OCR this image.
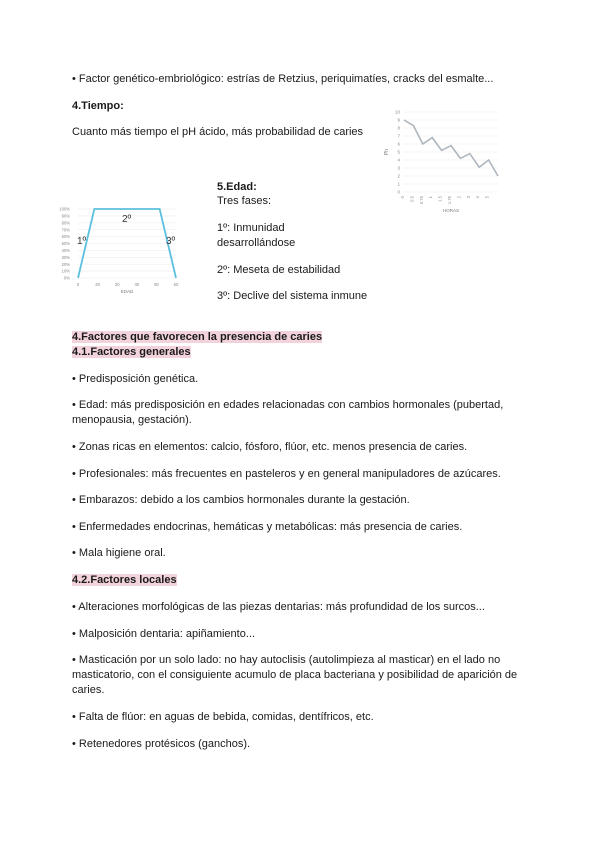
• Factor genético-embriológico: estrías de Retzius, periquimatíes, cracks del esmalte...
4.Tiempo:
Cuanto más tiempo el pH ácido, más probabilidad de caries
0
1
2
3
4
5
6
7
8
9
10
0 0.5 0.75 1 1.5 1.75 2 3 4 5
HORAS
Ph
0%
10%
20%
30%
40%
50%
60%
70%
80%
90%
100%
0	20	30	40	50	60
1º
2º
3º
EDAD
5.Edad:
Tres fases:
1º: Inmunidad
desarrollándose
2º: Meseta de estabilidad
3º: Declive del sistema inmune
4.Factores que favorecen la presencia de caries
4.1.Factores generales
• Predisposición genética.
• Edad: más predisposición en edades relacionadas con cambios hormonales (pubertad, menopausia, gestación).
• Zonas ricas en elementos: calcio, fósforo, flúor, etc. menos presencia de caries.
• Profesionales: más frecuentes en pasteleros y en general manipuladores de azúcares.
• Embarazos: debido a los cambios hormonales durante la gestación.
• Enfermedades endocrinas, hemáticas y metabólicas: más presencia de caries.
• Mala higiene oral.
4.2.Factores locales
• Alteraciones morfológicas de las piezas dentarias: más profundidad de los surcos...
• Malposición dentaria: apiñamiento...
• Masticación por un solo lado: no hay autoclisis (autolimpieza al masticar) en el lado no masticatorio, con el consiguiente acumulo de placa bacteriana y posibilidad de aparición de caries.
• Falta de flúor: en aguas de bebida, comidas, dentífricos, etc.
• Retenedores protésicos (ganchos).
